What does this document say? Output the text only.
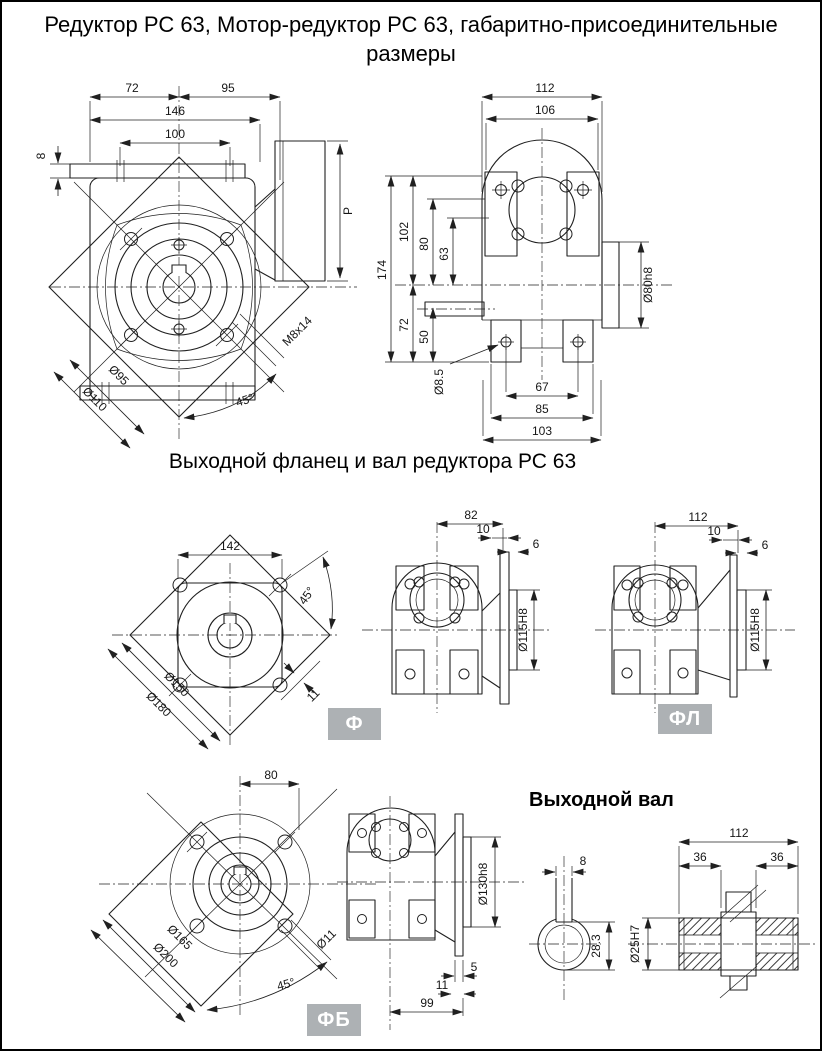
Редуктор РС 63, Мотор-редуктор РС 63, габаритно-присоединительные
размеры
72	95
146
100
8
P
Ø95
Ø110	45°
M8x14
112
106
174
102
80
63
72
50
Ø8.5
Ø80h8
67
85
103
Выходной фланец и вал редуктора РС 63
142
45°
Ø150
Ø180	11
82
10
6
Ø115H8
112
10
6
Ø115H8
80
Ø165
Ø200
Ø11
45°
Ø130h8
5
11
99
Выходной вал
8
28.3
112
36	36
Ø25H7
Ф	ФЛ
ФБ
